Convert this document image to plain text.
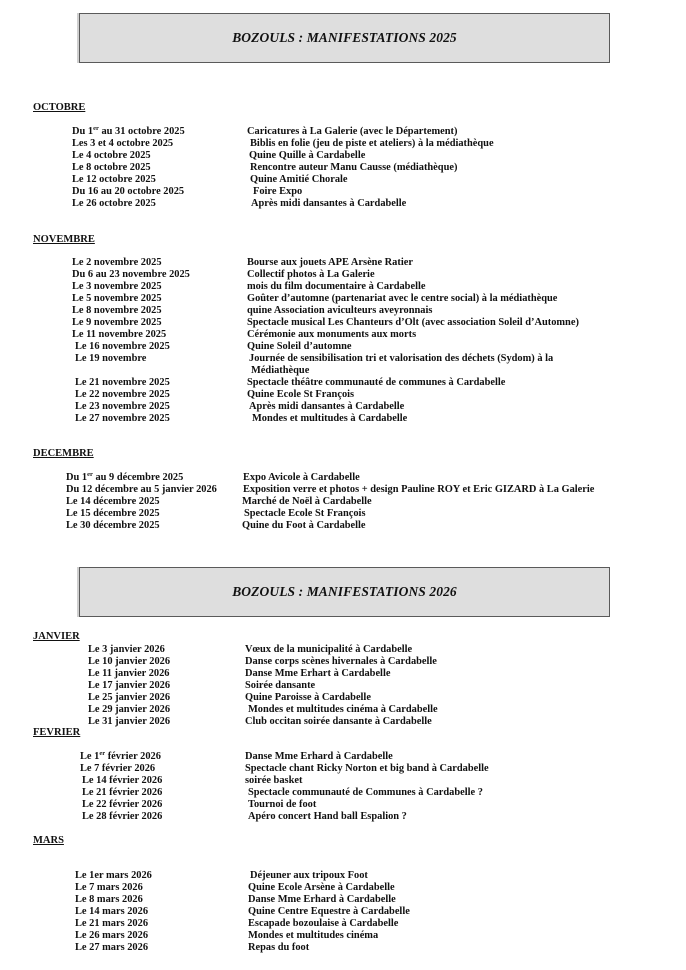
BOZOULS : MANIFESTATIONS 2025
OCTOBRE
Du 1er au 31 octobre 2025	Caricatures à La Galerie (avec le Département)
Les 3 et 4 octobre 2025	Biblis en folie (jeu de piste et ateliers) à la médiathèque
Le 4 octobre 2025	Quine Quille à Cardabelle
Le 8 octobre 2025	Rencontre auteur Manu Causse (médiathèque)
Le 12 octobre 2025	Quine Amitié Chorale
Du 16 au 20 octobre 2025	Foire Expo
Le 26 octobre 2025	Après midi dansantes à Cardabelle
NOVEMBRE
Le 2 novembre 2025	Bourse aux jouets APE Arsène Ratier
Du 6 au 23 novembre 2025	Collectif photos à La Galerie
Le 3 novembre 2025	mois du film documentaire à Cardabelle
Le 5 novembre 2025	Goûter d’automne (partenariat avec le centre social) à la médiathèque
Le 8 novembre 2025	quine Association aviculteurs aveyronnais
Le 9 novembre 2025	Spectacle musical Les Chanteurs d’Olt (avec association Soleil d’Automne)
Le 11 novembre 2025	Cérémonie aux monuments aux morts
Le 16 novembre 2025	Quine Soleil d’automne
Le 19 novembre	Journée de sensibilisation tri et valorisation des déchets (Sydom) à la
Médiathèque
Le 21 novembre 2025	Spectacle théâtre communauté de communes à Cardabelle
Le 22 novembre 2025	Quine Ecole St François
Le 23 novembre 2025	Après midi dansantes à Cardabelle
Le 27 novembre 2025	Mondes et multitudes à Cardabelle
DECEMBRE
Du 1er au 9 décembre 2025	Expo Avicole à Cardabelle
Du 12 décembre au 5 janvier 2026	Exposition verre et photos + design Pauline ROY et Eric GIZARD à La Galerie
Le 14 décembre 2025	Marché de Noël à Cardabelle
Le 15 décembre 2025	Spectacle Ecole St François
Le 30 décembre 2025	Quine du Foot à Cardabelle
BOZOULS : MANIFESTATIONS 2026
JANVIER
Le 3 janvier 2026	Vœux de la municipalité à Cardabelle
Le 10 janvier 2026	Danse corps scènes hivernales à Cardabelle
Le 11 janvier 2026	Danse Mme Erhart à Cardabelle
Le 17 janvier 2026	Soirée dansante
Le 25 janvier 2026	Quine Paroisse à Cardabelle
Le 29 janvier 2026	Mondes et multitudes cinéma à Cardabelle
Le 31 janvier 2026	Club occitan soirée dansante à Cardabelle
FEVRIER
Le 1er février 2026	Danse Mme Erhard à Cardabelle
Le 7 février 2026	Spectacle chant Ricky Norton et big band à Cardabelle
Le 14 février 2026	soirée basket
Le 21 février 2026	Spectacle communauté de Communes à Cardabelle ?
Le 22 février 2026	Tournoi de foot
Le 28 février 2026	Apéro concert Hand ball Espalion ?
MARS
Le 1er mars 2026	Déjeuner aux tripoux Foot
Le 7 mars 2026	Quine Ecole Arsène à Cardabelle
Le 8 mars 2026	Danse Mme Erhard à Cardabelle
Le 14 mars 2026	Quine Centre Equestre à Cardabelle
Le 21 mars 2026	Escapade bozoulaise à Cardabelle
Le 26 mars 2026	Mondes et multitudes cinéma
Le 27 mars 2026	Repas du foot
